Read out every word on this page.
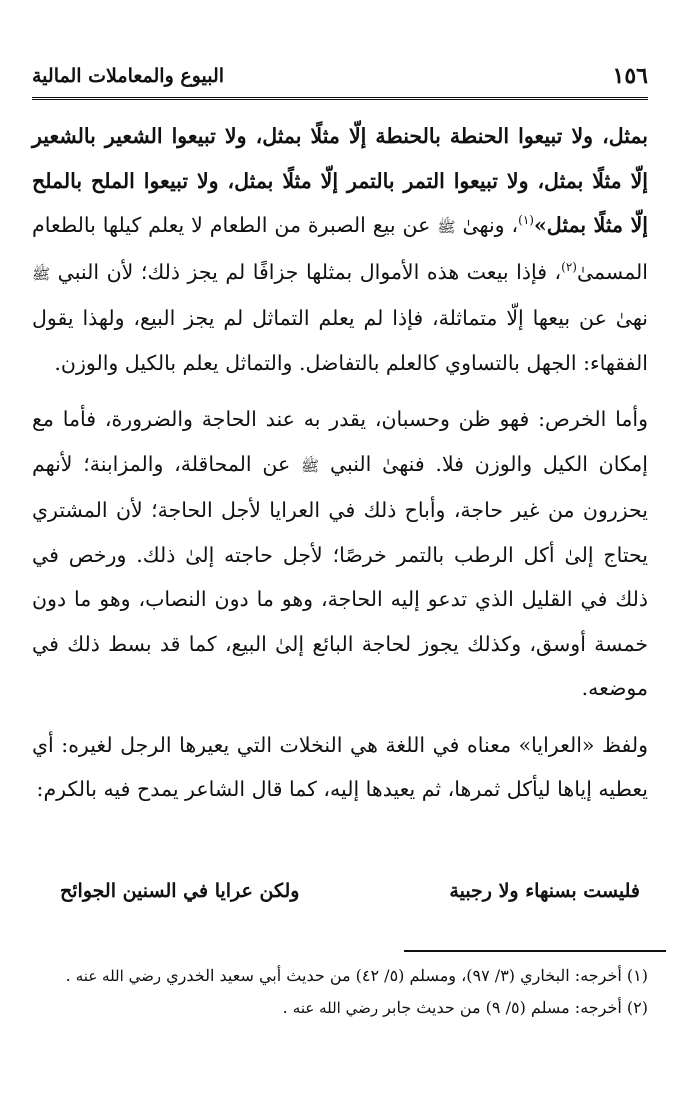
١٥٦
البيوع والمعاملات المالية

بمثل، ولا تبيعوا الحنطة بالحنطة إلّا مثلًا بمثل، ولا تبيعوا الشعير بالشعير إلّا مثلًا بمثل، ولا تبيعوا التمر بالتمر إلّا مثلًا بمثل، ولا تبيعوا الملح بالملح إلّا مثلًا بمثل»$^{(١)}$، ونهىٰ ﷺ عن بيع الصبرة من الطعام لا يعلم كيلها بالطعام المسمىٰ$^{(٢)}$، فإذا بيعت هذه الأموال بمثلها جزافًا لم يجز ذلك؛ لأن النبي ﷺ نهىٰ عن بيعها إلّا متماثلة، فإذا لم يعلم التماثل لم يجز البيع، ولهذا يقول الفقهاء: الجهل بالتساوي كالعلم بالتفاضل. والتماثل يعلم بالكيل والوزن.

وأما الخرص: فهو ظن وحسبان، يقدر به عند الحاجة والضرورة، فأما مع إمكان الكيل والوزن فلا. فنهىٰ النبي ﷺ عن المحاقلة، والمزابنة؛ لأنهم يحزرون من غير حاجة، وأباح ذلك في العرايا لأجل الحاجة؛ لأن المشتري يحتاج إلىٰ أكل الرطب بالتمر خرصًا؛ لأجل حاجته إلىٰ ذلك. ورخص في ذلك في القليل الذي تدعو إليه الحاجة، وهو ما دون النصاب، وهو ما دون خمسة أوسق، وكذلك يجوز لحاجة البائع إلىٰ البيع، كما قد بسط ذلك في موضعه.

ولفظ «العرايا» معناه في اللغة هي النخلات التي يعيرها الرجل لغيره: أي يعطيه إياها ليأكل ثمرها، ثم يعيدها إليه، كما قال الشاعر يمدح فيه بالكرم:

فليست بسنهاء ولا رجبية
ولكن عرايا في السنين الجوائح
(١) أخرجه: البخاري (٣/ ٩٧)، ومسلم (٥/ ٤٢) من حديث أبي سعيد الخدري رضي الله عنه .
(٢) أخرجه: مسلم (٥/ ٩) من حديث جابر رضي الله عنه .
